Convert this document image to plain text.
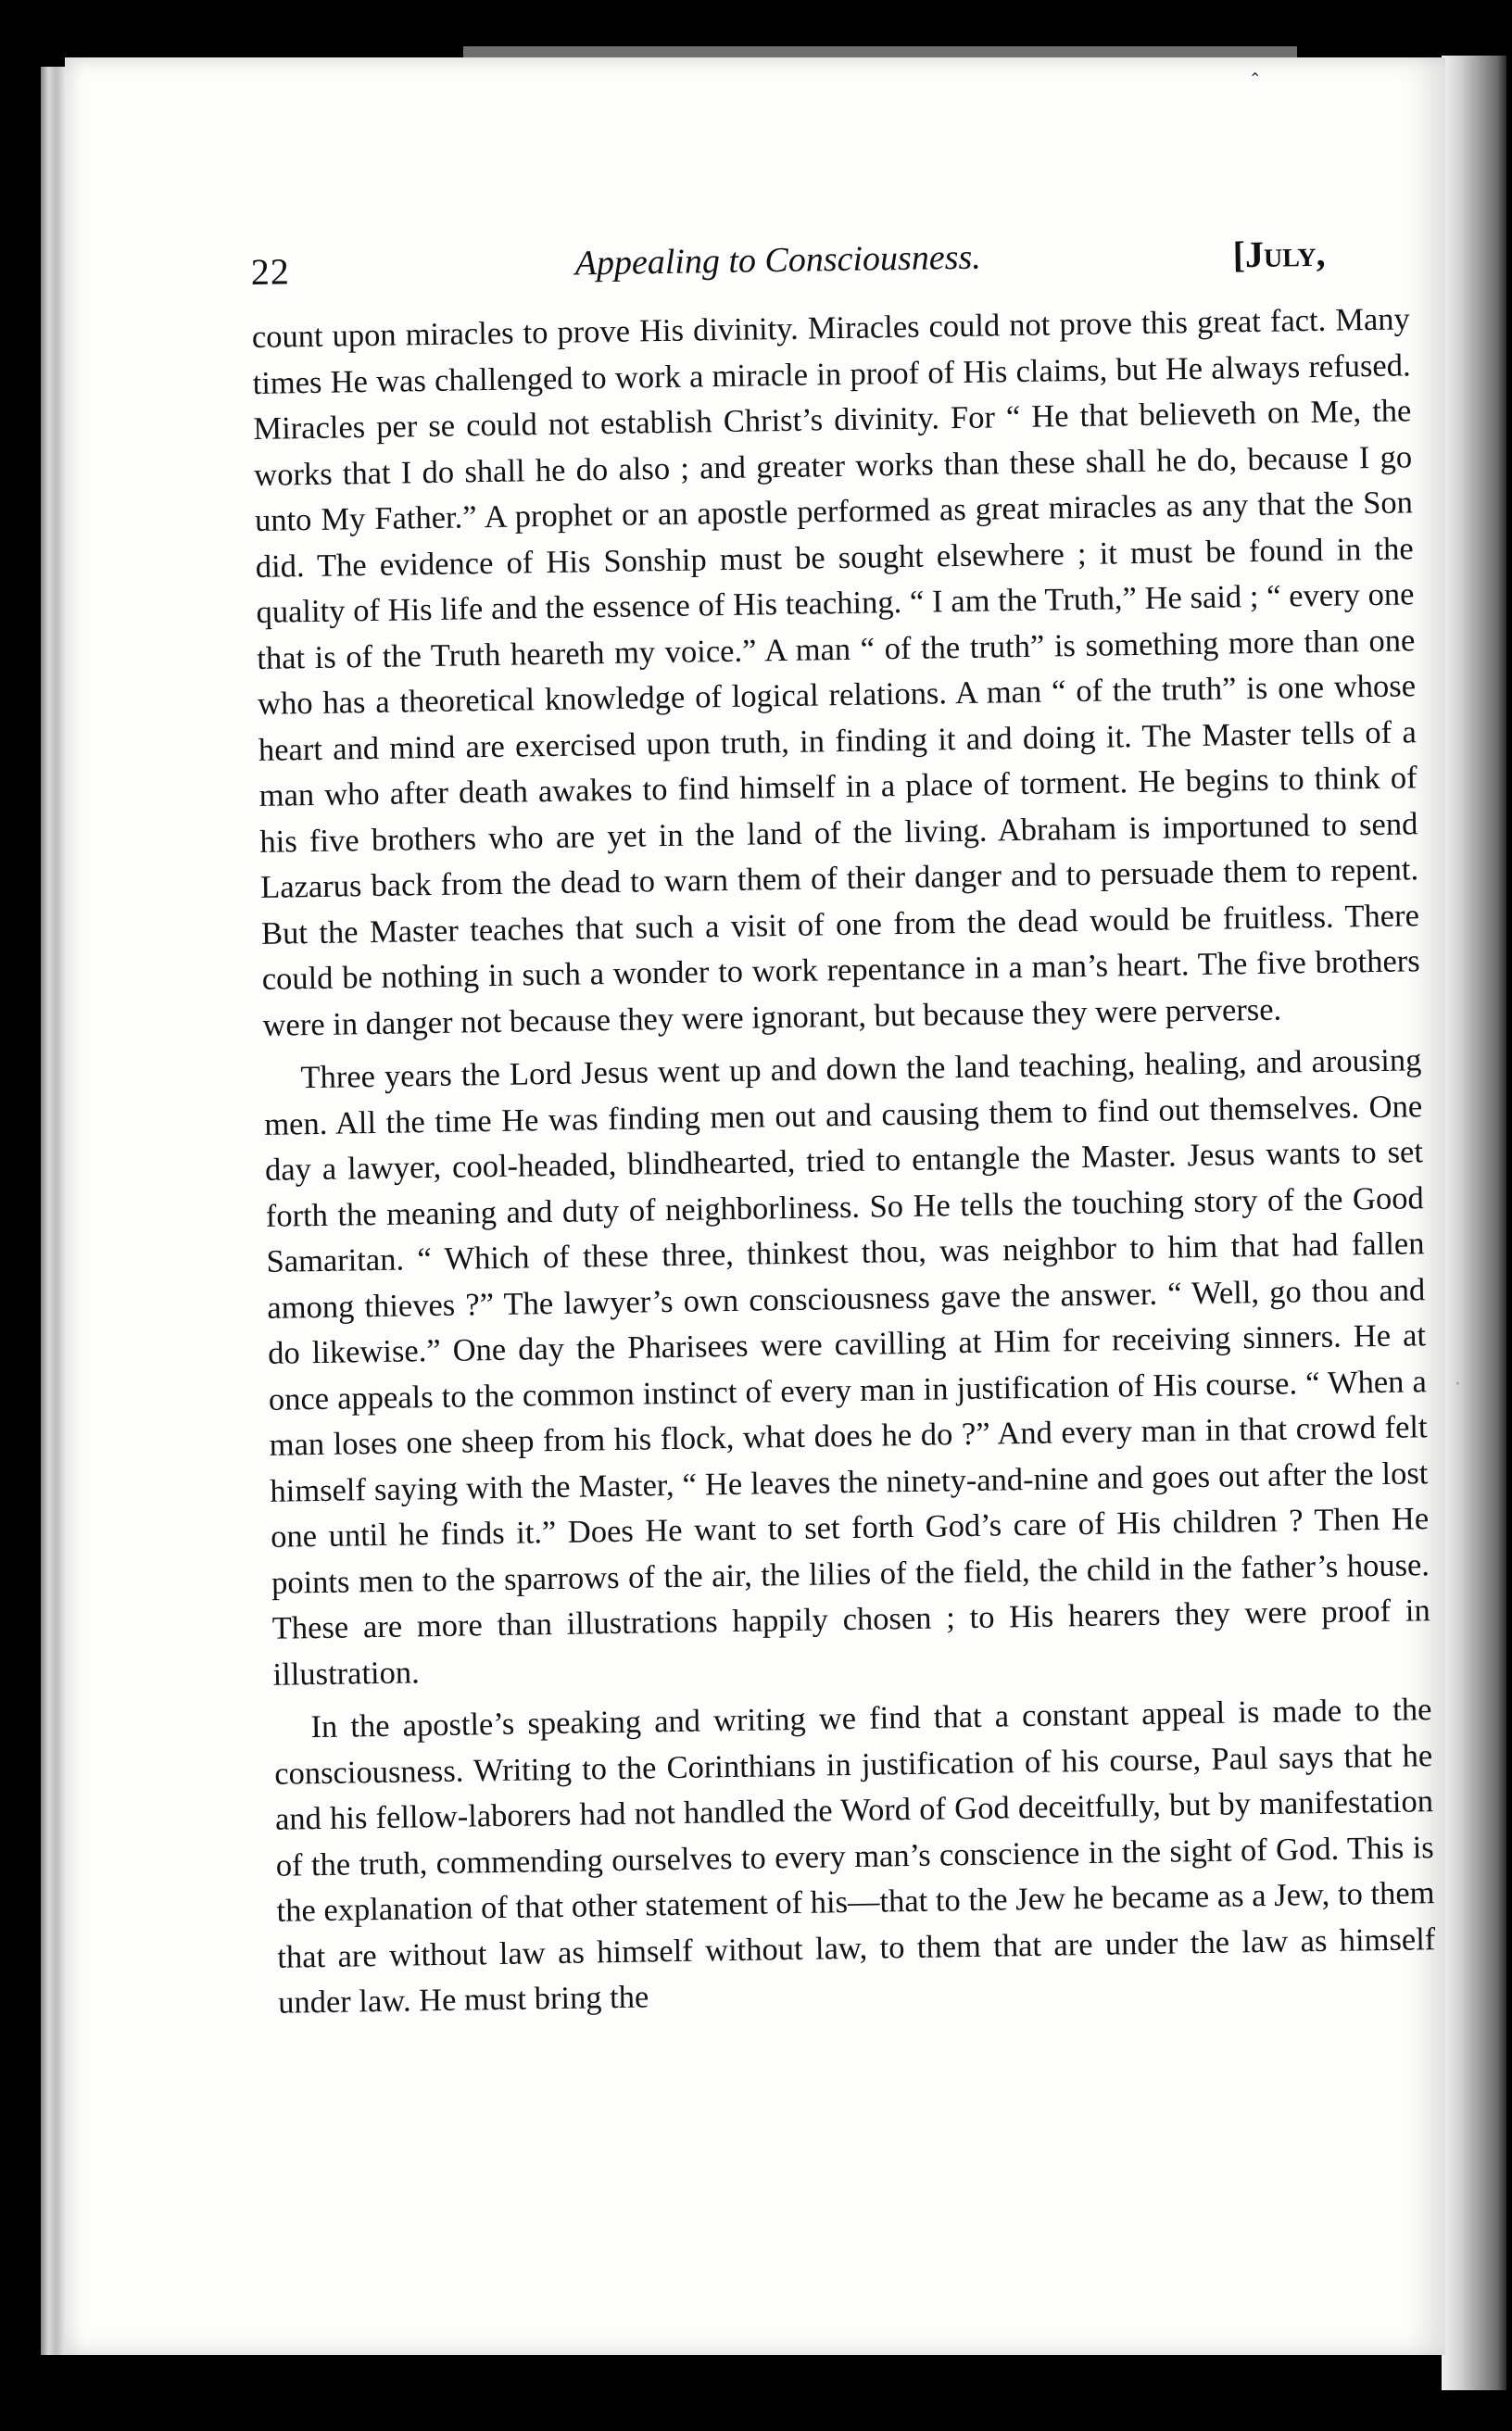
⌃
·
22	Appealing to Consciousness.	[July,

count upon miracles to prove His divinity. Miracles could not prove this great fact. Many times He was challenged to work a miracle in proof of His claims, but He always refused. Miracles per se could not establish Christ’s divinity. For “ He that believeth on Me, the works that I do shall he do also ; and greater works than these shall he do, because I go unto My Father.” A prophet or an apostle performed as great miracles as any that the Son did. The evidence of His Sonship must be sought elsewhere ; it must be found in the quality of His life and the essence of His teaching. “ I am the Truth,” He said ; “ every one that is of the Truth heareth my voice.” A man “ of the truth” is something more than one who has a theoretical knowledge of logical relations. A man “ of the truth” is one whose heart and mind are exercised upon truth, in finding it and doing it. The Master tells of a man who after death awakes to find himself in a place of torment. He begins to think of his five brothers who are yet in the land of the living. Abraham is importuned to send Lazarus back from the dead to warn them of their danger and to persuade them to repent. But the Master teaches that such a visit of one from the dead would be fruitless. There could be nothing in such a wonder to work repentance in a man’s heart. The five brothers were in danger not because they were ignorant, but because they were perverse.

Three years the Lord Jesus went up and down the land teaching, healing, and arousing men. All the time He was finding men out and causing them to find out themselves. One day a lawyer, cool-headed, blindhearted, tried to entangle the Master. Jesus wants to set forth the meaning and duty of neighborliness. So He tells the touching story of the Good Samaritan. “ Which of these three, thinkest thou, was neighbor to him that had fallen among thieves ?” The lawyer’s own consciousness gave the answer. “ Well, go thou and do likewise.” One day the Pharisees were cavilling at Him for receiving sinners. He at once appeals to the common instinct of every man in justification of His course. “ When a man loses one sheep from his flock, what does he do ?” And every man in that crowd felt himself saying with the Master, “ He leaves the ninety-and-nine and goes out after the lost one until he finds it.” Does He want to set forth God’s care of His children ? Then He points men to the sparrows of the air, the lilies of the field, the child in the father’s house. These are more than illustrations happily chosen ; to His hearers they were proof in illustration.

In the apostle’s speaking and writing we find that a constant appeal is made to the consciousness. Writing to the Corinthians in justification of his course, Paul says that he and his fellow-laborers had not handled the Word of God deceitfully, but by manifestation of the truth, commending ourselves to every man’s conscience in the sight of God. This is the explanation of that other statement of his—that to the Jew he became as a Jew, to them that are without law as himself without law, to them that are under the law as himself under law. He must bring the
